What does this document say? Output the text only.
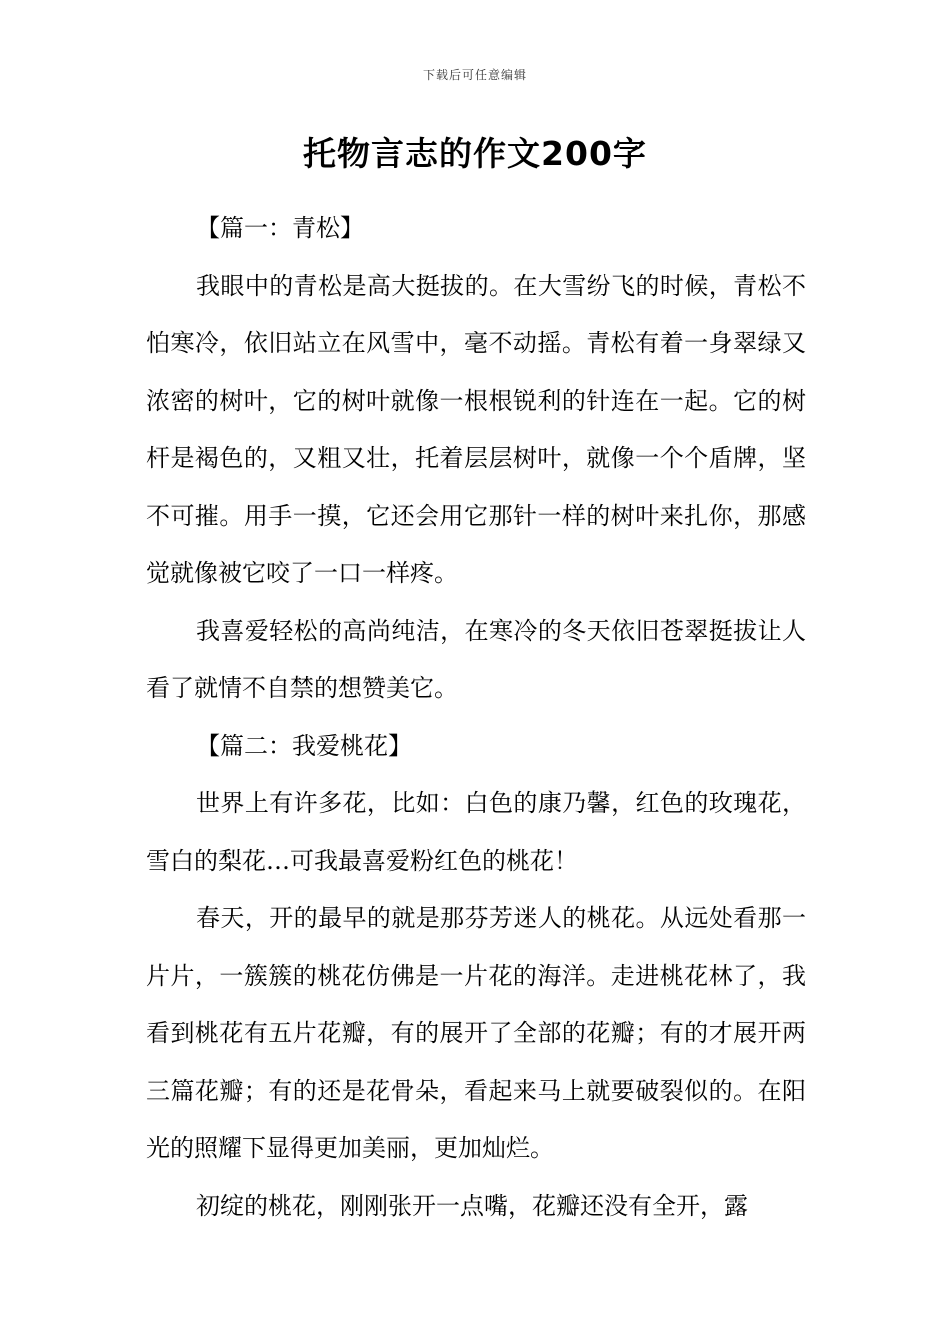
下载后可任意编辑
托物言志的作文200字

【篇一：青松】

我眼中的青松是高大挺拔的。在大雪纷飞的时候，青松不怕寒冷，依旧站立在风雪中，毫不动摇。青松有着一身翠绿又浓密的树叶，它的树叶就像一根根锐利的针连在一起。它的树杆是褐色的，又粗又壮，托着层层树叶，就像一个个盾牌，坚不可摧。用手一摸，它还会用它那针一样的树叶来扎你，那感觉就像被它咬了一口一样疼。

我喜爱轻松的高尚纯洁，在寒冷的冬天依旧苍翠挺拔让人看了就情不自禁的想赞美它。

【篇二：我爱桃花】

世界上有许多花，比如：白色的康乃馨，红色的玫瑰花，雪白的梨花…可我最喜爱粉红色的桃花！

春天，开的最早的就是那芬芳迷人的桃花。从远处看那一片片，一簇簇的桃花仿佛是一片花的海洋。走进桃花林了，我看到桃花有五片花瓣，有的展开了全部的花瓣；有的才展开两三篇花瓣；有的还是花骨朵，看起来马上就要破裂似的。在阳光的照耀下显得更加美丽，更加灿烂。

初绽的桃花，刚刚张开一点嘴，花瓣还没有全开，露
